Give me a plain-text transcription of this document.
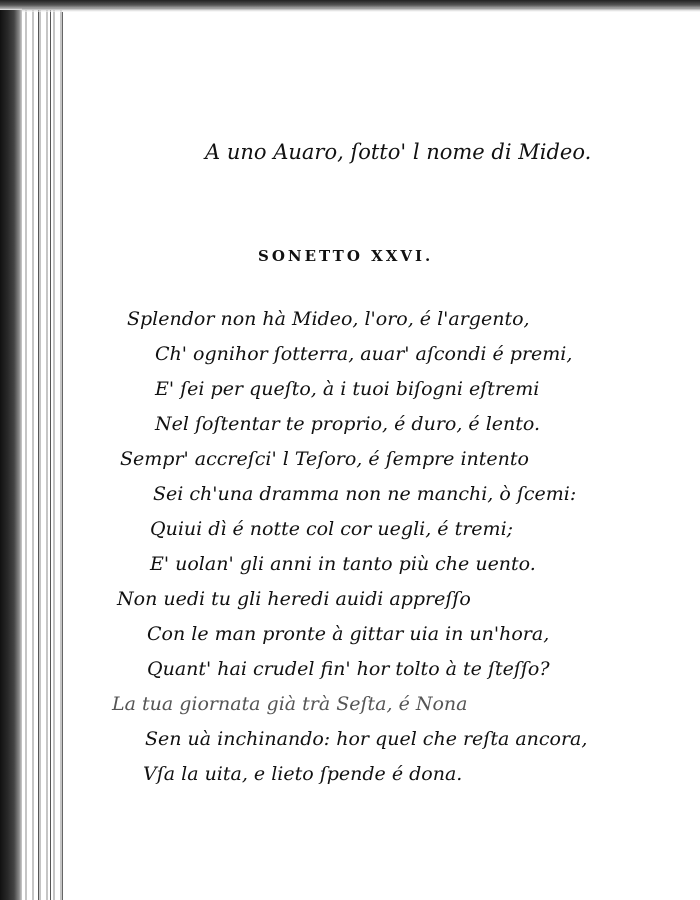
A uno Auaro, ſotto' l nome di Mideo.
SONETTO XXVI.
Splendor non hà Mideo, l'oro, é l'argento,
Ch' ognihor ſotterra, auar' aſcondi é premi,
E' ſei per queſto, à i tuoi biſogni eſtremi
Nel ſoſtentar te proprio, é duro, é lento.
Sempr' accreſci' l Teſoro, é ſempre intento
Sei ch'una dramma non ne manchi, ò ſcemi:
Quiui dì é notte col cor uegli, é tremi;
E' uolan' gli anni in tanto più che uento.
Non uedi tu gli heredi auidi appreſſo
Con le man pronte à gittar uia in un'hora,
Quant' hai crudel fin' hor tolto à te ſteſſo?
La tua giornata già trà Seſta, é Nona
Sen uà inchinando: hor quel che reſta ancora,
Vſa la uita, e lieto ſpende é dona.
